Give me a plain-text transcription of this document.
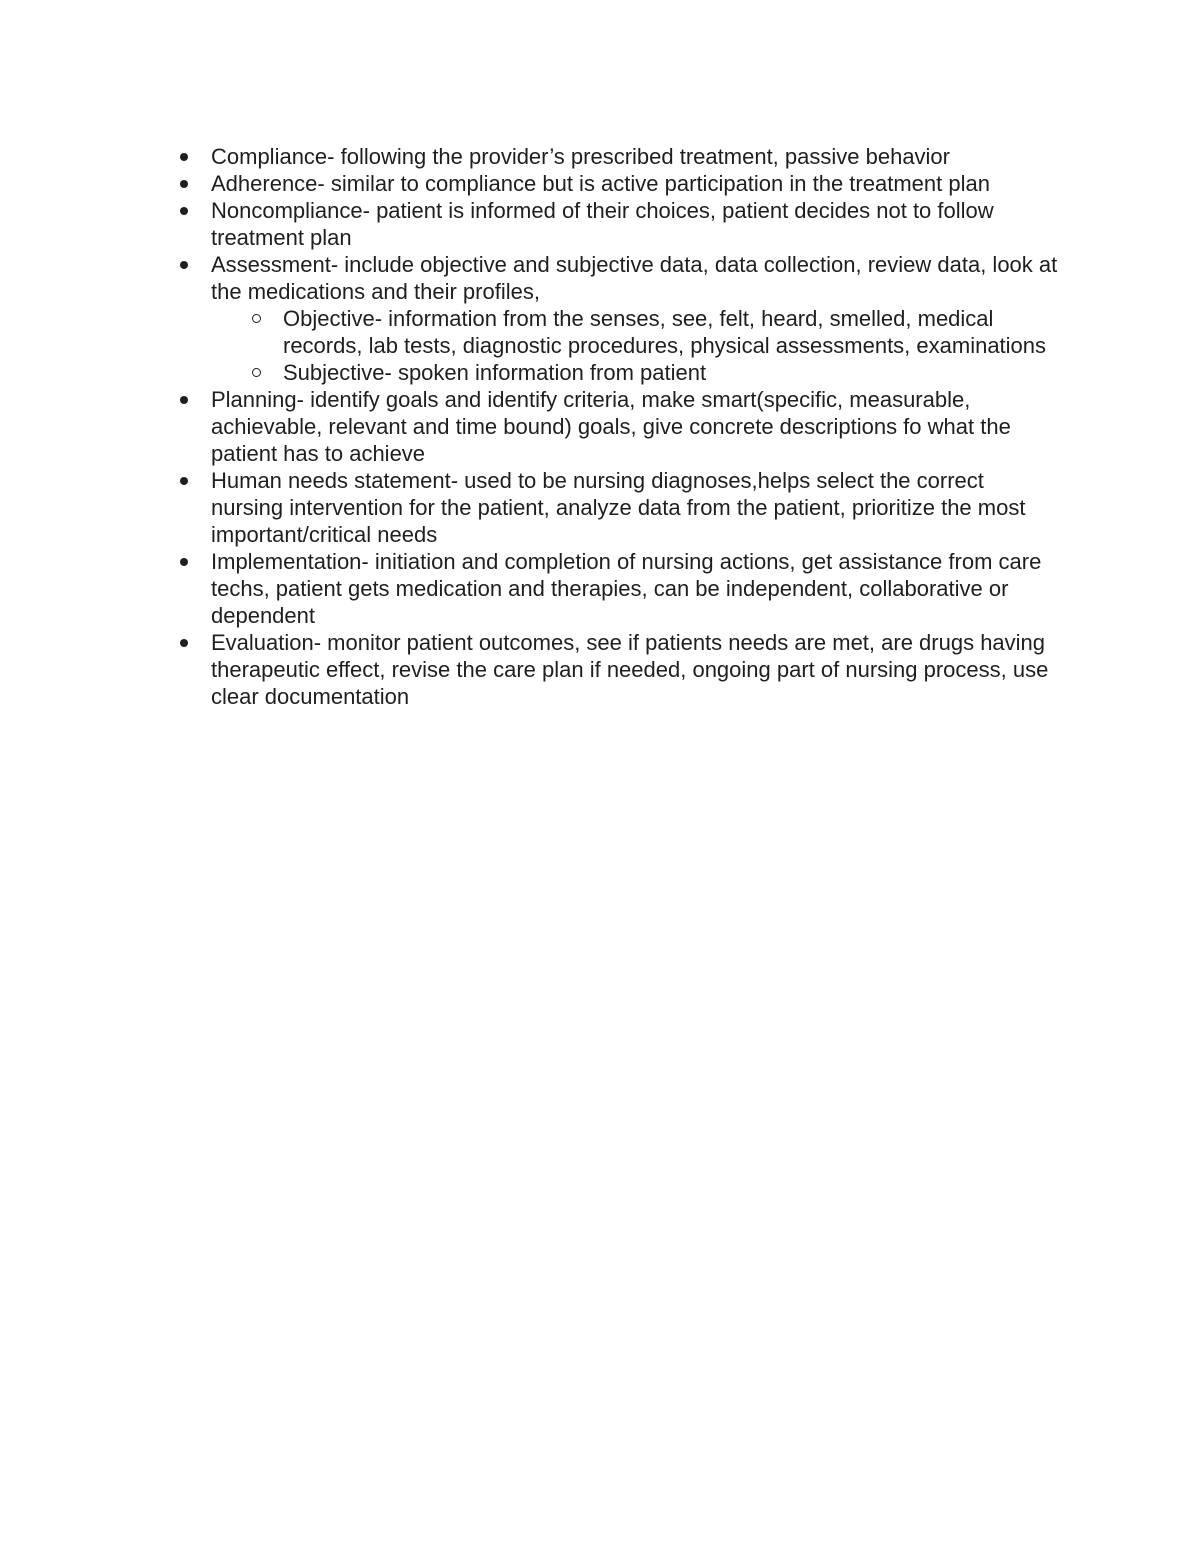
Compliance- following the provider’s prescribed treatment, passive behavior
Adherence- similar to compliance but is active participation in the treatment plan
Noncompliance- patient is informed of their choices, patient decides not to follow treatment plan
Assessment- include objective and subjective data, data collection, review data, look at the medications and their profiles,
Objective- information from the senses, see, felt, heard, smelled, medical records, lab tests, diagnostic procedures, physical assessments, examinations
Subjective- spoken information from patient
Planning- identify goals and identify criteria, make smart(specific, measurable, achievable, relevant and time bound) goals, give concrete descriptions fo what the patient has to achieve
Human needs statement- used to be nursing diagnoses,helps select the correct nursing intervention for the patient, analyze data from the patient, prioritize the most important/critical needs
Implementation- initiation and completion of nursing actions, get assistance from care techs, patient gets medication and therapies, can be independent, collaborative or dependent
Evaluation- monitor patient outcomes, see if patients needs are met, are drugs having therapeutic effect, revise the care plan if needed, ongoing part of nursing process, use clear documentation
